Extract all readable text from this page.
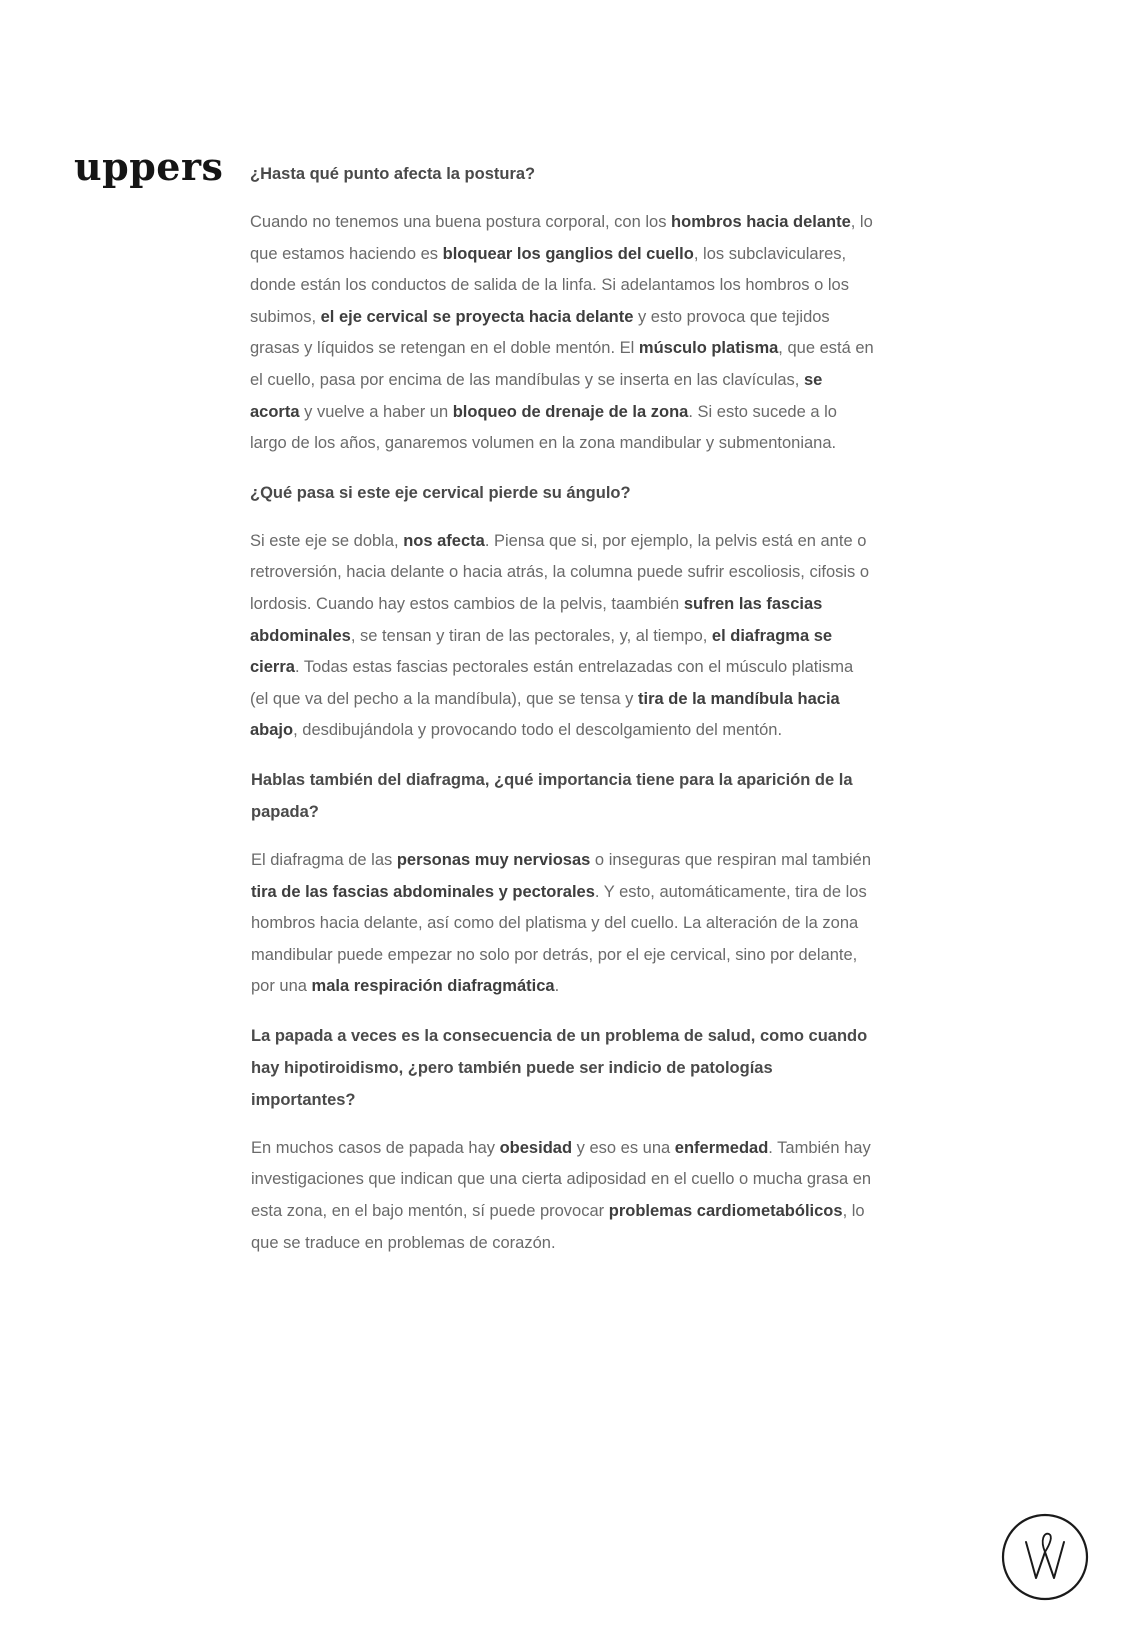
uppers ¿Hasta qué punto afecta la postura?

Cuando no tenemos una buena postura corporal, con los hombros hacia delante, lo que estamos haciendo es bloquear los ganglios del cuello, los subclaviculares, donde están los conductos de salida de la linfa. Si adelantamos los hombros o los subimos, el eje cervical se proyecta hacia delante y esto provoca que tejidos grasas y líquidos se retengan en el doble mentón. El músculo platisma, que está en el cuello, pasa por encima de las mandíbulas y se inserta en las clavículas, se acorta y vuelve a haber un bloqueo de drenaje de la zona. Si esto sucede a lo largo de los años, ganaremos volumen en la zona mandibular y submentoniana.

¿Qué pasa si este eje cervical pierde su ángulo?

Si este eje se dobla, nos afecta. Piensa que si, por ejemplo, la pelvis está en ante o retroversión, hacia delante o hacia atrás, la columna puede sufrir escoliosis, cifosis o lordosis. Cuando hay estos cambios de la pelvis, taambién sufren las fascias abdominales, se tensan y tiran de las pectorales, y, al tiempo, el diafragma se cierra. Todas estas fascias pectorales están entrelazadas con el músculo platisma (el que va del pecho a la mandíbula), que se tensa y tira de la mandíbula hacia abajo, desdibujándola y provocando todo el descolgamiento del mentón.

Hablas también del diafragma, ¿qué importancia tiene para la aparición de la papada?

El diafragma de las personas muy nerviosas o inseguras que respiran mal también tira de las fascias abdominales y pectorales. Y esto, automáticamente, tira de los hombros hacia delante, así como del platisma y del cuello. La alteración de la zona mandibular puede empezar no solo por detrás, por el eje cervical, sino por delante, por una mala respiración diafragmática.

La papada a veces es la consecuencia de un problema de salud, como cuando hay hipotiroidismo, ¿pero también puede ser indicio de patologías importantes?

En muchos casos de papada hay obesidad y eso es una enfermedad. También hay investigaciones que indican que una cierta adiposidad en el cuello o mucha grasa en esta zona, en el bajo mentón, sí puede provocar problemas cardiometabólicos, lo que se traduce en problemas de corazón.
